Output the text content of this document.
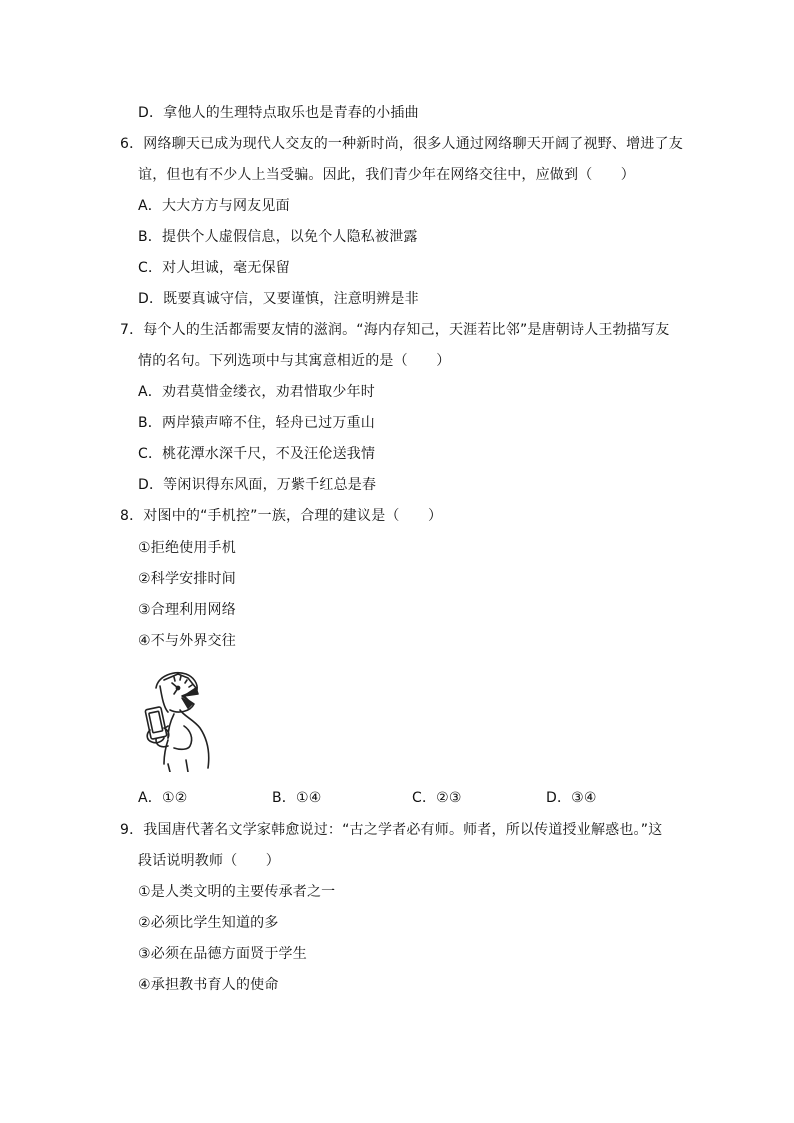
D．拿他人的生理特点取乐也是青春的小插曲
6．网络聊天已成为现代人交友的一种新时尚，很多人通过网络聊天开阔了视野、增进了友
谊，但也有不少人上当受骗。因此，我们青少年在网络交往中，应做到（　　）
A．大大方方与网友见面
B．提供个人虚假信息，以免个人隐私被泄露
C．对人坦诚，毫无保留
D．既要真诚守信，又要谨慎，注意明辨是非
7．每个人的生活都需要友情的滋润。“海内存知己，天涯若比邻”是唐朝诗人王勃描写友
情的名句。下列选项中与其寓意相近的是（　　）
A．劝君莫惜金缕衣，劝君惜取少年时
B．两岸猿声啼不住，轻舟已过万重山
C．桃花潭水深千尺，不及汪伦送我情
D．等闲识得东风面，万紫千红总是春
8．对图中的“手机控”一族，合理的建议是（　　）
①拒绝使用手机
②科学安排时间
③合理利用网络
④不与外界交往
A．①②	B．①④	C．②③	D．③④
9．我国唐代著名文学家韩愈说过：“古之学者必有师。师者，所以传道授业解惑也。”这
段话说明教师（　　）
①是人类文明的主要传承者之一
②必须比学生知道的多
③必须在品德方面贤于学生
④承担教书育人的使命
